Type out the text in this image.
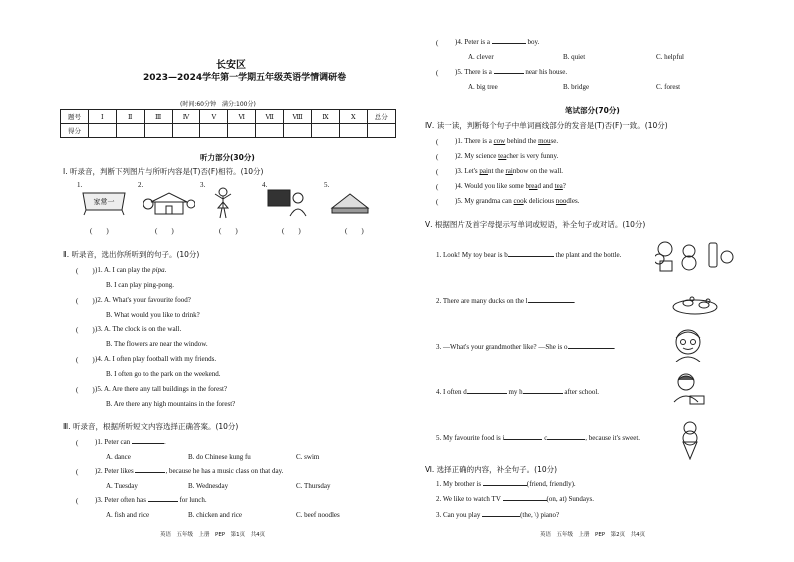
长安区
2023—2024学年第一学期五年级英语学情调研卷
(时间:60分钟　满分:100分)
题号	Ⅰ	Ⅱ	Ⅲ	Ⅳ	Ⅴ	Ⅵ	Ⅶ	Ⅷ	Ⅸ	Ⅹ	总分
得分											
听力部分(30分)
Ⅰ. 听录音，判断下列图片与所听内容是(T)否(F)相符。(10分)
1.	2.	3.	4.	5.
家常一
(　　)	(　　)	(　　)	(　　)	(　　)
Ⅱ. 听录音，选出你所听到的句子。(10分)
(　　) )1. A. I can play the pipa.
B. I can play ping-pong.
(　　) )2. A. What's your favourite food?
B. What would you like to drink?
(　　) )3. A. The clock is on the wall.
B. The flowers are near the window.
(　　) )4. A. I often play football with my friends.
B. I often go to the park on the weekend.
(　　) )5. A. Are there any tall buildings in the forest?
B. Are there any high mountains in the forest?
Ⅲ. 听录音，根据所听短文内容选择正确答案。(10分)
(　　 )1. Peter can	.
A. dance	B. do Chinese kung fu	C. swim
(　　 )2. Peter likes	, because he has a music class on that day.
A. Tuesday	B. Wednesday	C. Thursday
(　　 )3. Peter often has	for lunch.
A. fish and rice	B. chicken and rice	C. beef noodles
英语　五年级　上册　PEP　第1页　共4页
(　　 )4. Peter is a	boy.
A. clever	B. quiet	C. helpful
(　　 )5. There is a	near his house.
A. big tree	B. bridge	C. forest
笔试部分(70分)
Ⅳ. 读一读，判断每个句子中单词画线部分的发音是(T)否(F)一致。(10分)
(　　 )1. There is a cow behind the mouse.
(　　 )2. My science teacher is very funny.
(　　 )3. Let's paint the rainbow on the wall.
(　　 )4. Would you like some bread and tea?
(　　 )5. My grandma can cook delicious noodles.
Ⅴ. 根据图片及首字母提示写单词或短语，补全句子或对话。(10分)
1. Look! My toy bear is b	the plant and the bottle.
2. There are many ducks on the l	.
3. —What's your grandmother like? —She is o	.
4. I often d	my h	after school.
5. My favourite food is i	c	, because it's sweet.
Ⅵ. 选择正确的内容，补全句子。(10分)
1. My brother is	(friend, friendly).
2. We like to watch TV	(on, at) Sundays.
3. Can you play	(the, \) piano?
英语　五年级　上册　PEP　第2页　共4页
